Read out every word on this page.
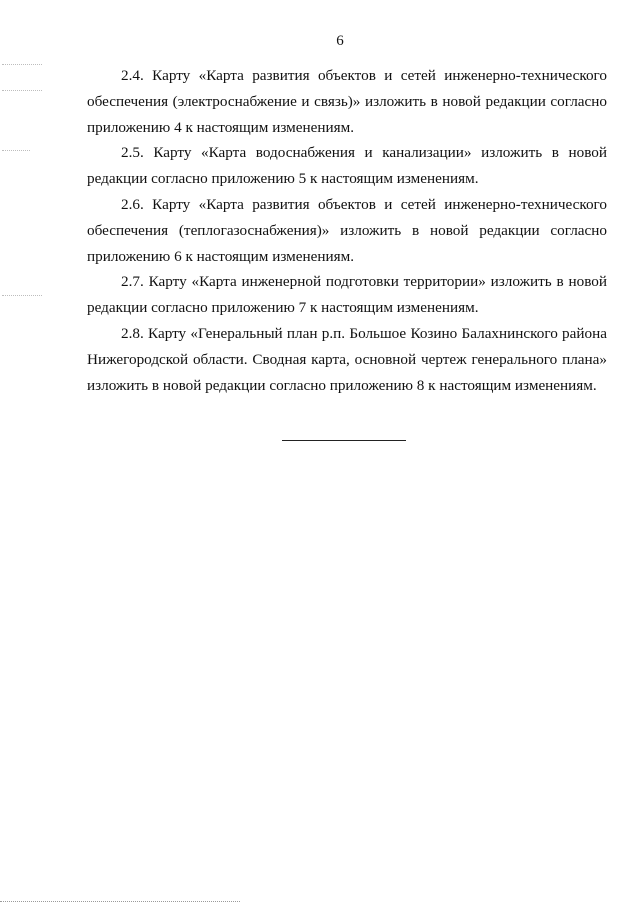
6

2.4. Карту «Карта развития объектов и сетей инженерно-технического обеспечения (электроснабжение и связь)» изложить в новой редакции согласно приложению 4 к настоящим изменениям.

2.5. Карту «Карта водоснабжения и канализации» изложить в новой редакции согласно приложению 5 к настоящим изменениям.

2.6. Карту «Карта развития объектов и сетей инженерно-технического обеспечения (теплогазоснабжения)» изложить в новой редакции согласно приложению 6 к настоящим изменениям.

2.7. Карту «Карта инженерной подготовки территории» изложить в новой редакции согласно приложению 7 к настоящим изменениям.

2.8. Карту «Генеральный план р.п. Большое Козино Балахнинского района Нижегородской области. Сводная карта, основной чертеж генерального плана» изложить в новой редакции согласно приложению 8 к настоящим изменениям.
